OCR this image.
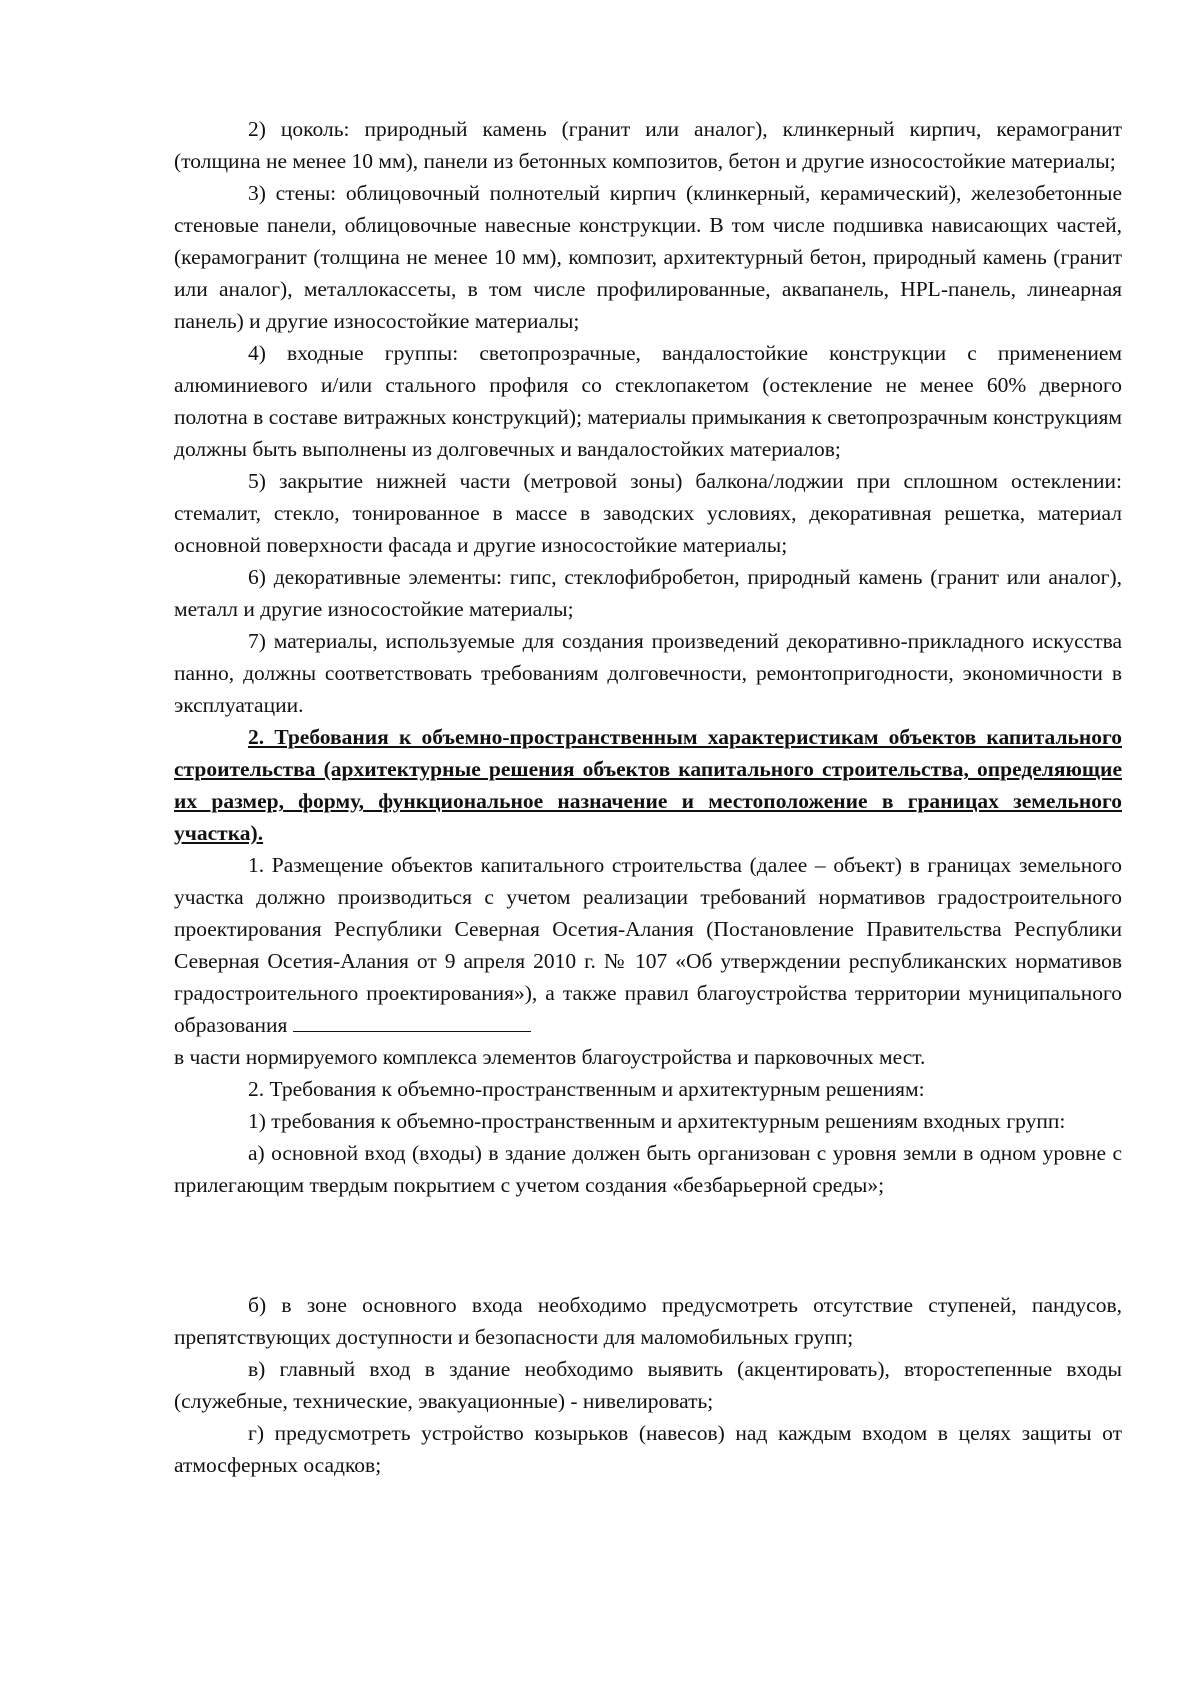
2) цоколь: природный камень (гранит или аналог), клинкерный кирпич, керамогранит (толщина не менее 10 мм), панели из бетонных композитов, бетон и другие износостойкие материалы;

3) стены: облицовочный полнотелый кирпич (клинкерный, керамический), железобетонные стеновые панели, облицовочные навесные конструкции. В том числе подшивка нависающих частей, (керамогранит (толщина не менее 10 мм), композит, архитектурный бетон, природный камень (гранит или аналог), металлокассеты, в том числе профилированные, аквапанель, HPL-панель, линеарная панель) и другие износостойкие материалы;

4) входные группы: светопрозрачные, вандалостойкие конструкции с применением алюминиевого и/или стального профиля со стеклопакетом (остекление не менее 60% дверного полотна в составе витражных конструкций); материалы примыкания к светопрозрачным конструкциям должны быть выполнены из долговечных и вандалостойких материалов;

5) закрытие нижней части (метровой зоны) балкона/лоджии при сплошном остеклении: стемалит, стекло, тонированное в массе в заводских условиях, декоративная решетка, материал основной поверхности фасада и другие износостойкие материалы;

6) декоративные элементы: гипс, стеклофибробетон, природный камень (гранит или аналог), металл и другие износостойкие материалы;

7) материалы, используемые для создания произведений декоративно-прикладного искусства панно, должны соответствовать требованиям долговечности, ремонтопригодности, экономичности в эксплуатации.

2. Требования к объемно-пространственным характеристикам объектов капитального строительства (архитектурные решения объектов капитального строительства, определяющие их размер, форму, функциональное назначение и местоположение в границах земельного участка).

1. Размещение объектов капитального строительства (далее – объект) в границах земельного участка должно производиться с учетом реализации требований нормативов градостроительного проектирования Республики Северная Осетия-Алания (Постановление Правительства Республики Северная Осетия-Алания от 9 апреля 2010 г. № 107 «Об утверждении республиканских нормативов градостроительного проектирования»), а также правил благоустройства территории муниципального образования

в части нормируемого комплекса элементов благоустройства и парковочных мест.

2. Требования к объемно-пространственным и архитектурным решениям:

1) требования к объемно-пространственным и архитектурным решениям входных групп:

а) основной вход (входы) в здание должен быть организован с уровня земли в одном уровне с прилегающим твердым покрытием с учетом создания «безбарьерной среды»;

б) в зоне основного входа необходимо предусмотреть отсутствие ступеней, пандусов, препятствующих доступности и безопасности для маломобильных групп;

в) главный вход в здание необходимо выявить (акцентировать), второстепенные входы (служебные, технические, эвакуационные) - нивелировать;

г) предусмотреть устройство козырьков (навесов) над каждым входом в целях защиты от атмосферных осадков;
